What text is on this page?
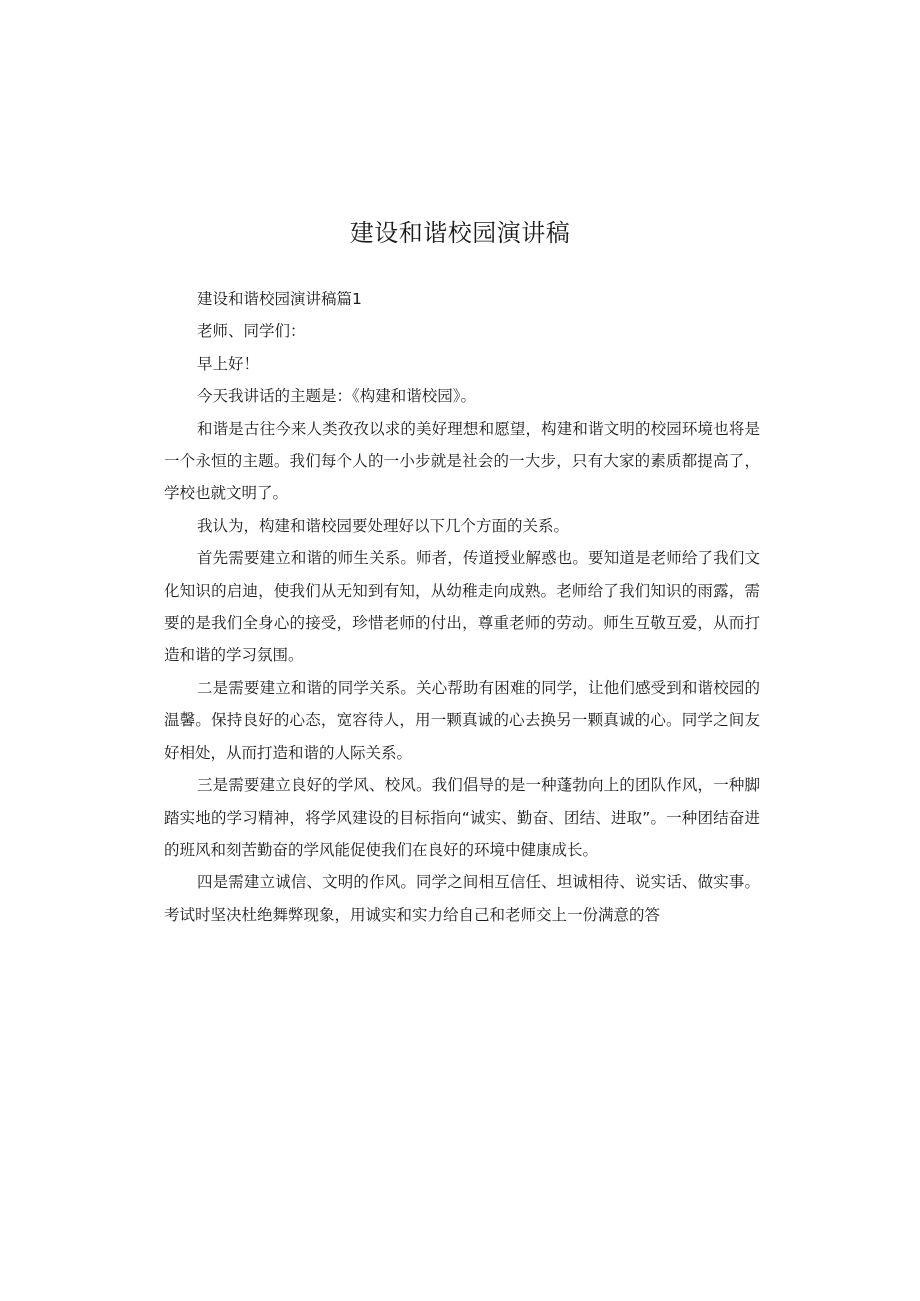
建设和谐校园演讲稿

建设和谐校园演讲稿篇1

老师、同学们：

早上好！

今天我讲话的主题是：《构建和谐校园》。

和谐是古往今来人类孜孜以求的美好理想和愿望，构建和谐文明的校园环境也将是一个永恒的主题。我们每个人的一小步就是社会的一大步，只有大家的素质都提高了，学校也就文明了。

我认为，构建和谐校园要处理好以下几个方面的关系。

首先需要建立和谐的师生关系。师者，传道授业解惑也。要知道是老师给了我们文化知识的启迪，使我们从无知到有知，从幼稚走向成熟。老师给了我们知识的雨露，需要的是我们全身心的接受，珍惜老师的付出，尊重老师的劳动。师生互敬互爱，从而打造和谐的学习氛围。

二是需要建立和谐的同学关系。关心帮助有困难的同学，让他们感受到和谐校园的温馨。保持良好的心态，宽容待人，用一颗真诚的心去换另一颗真诚的心。同学之间友好相处，从而打造和谐的人际关系。

三是需要建立良好的学风、校风。我们倡导的是一种蓬勃向上的团队作风，一种脚踏实地的学习精神，将学风建设的目标指向“诚实、勤奋、团结、进取”。一种团结奋进的班风和刻苦勤奋的学风能促使我们在良好的环境中健康成长。

四是需建立诚信、文明的作风。同学之间相互信任、坦诚相待、说实话、做实事。考试时坚决杜绝舞弊现象，用诚实和实力给自己和老师交上一份满意的答
